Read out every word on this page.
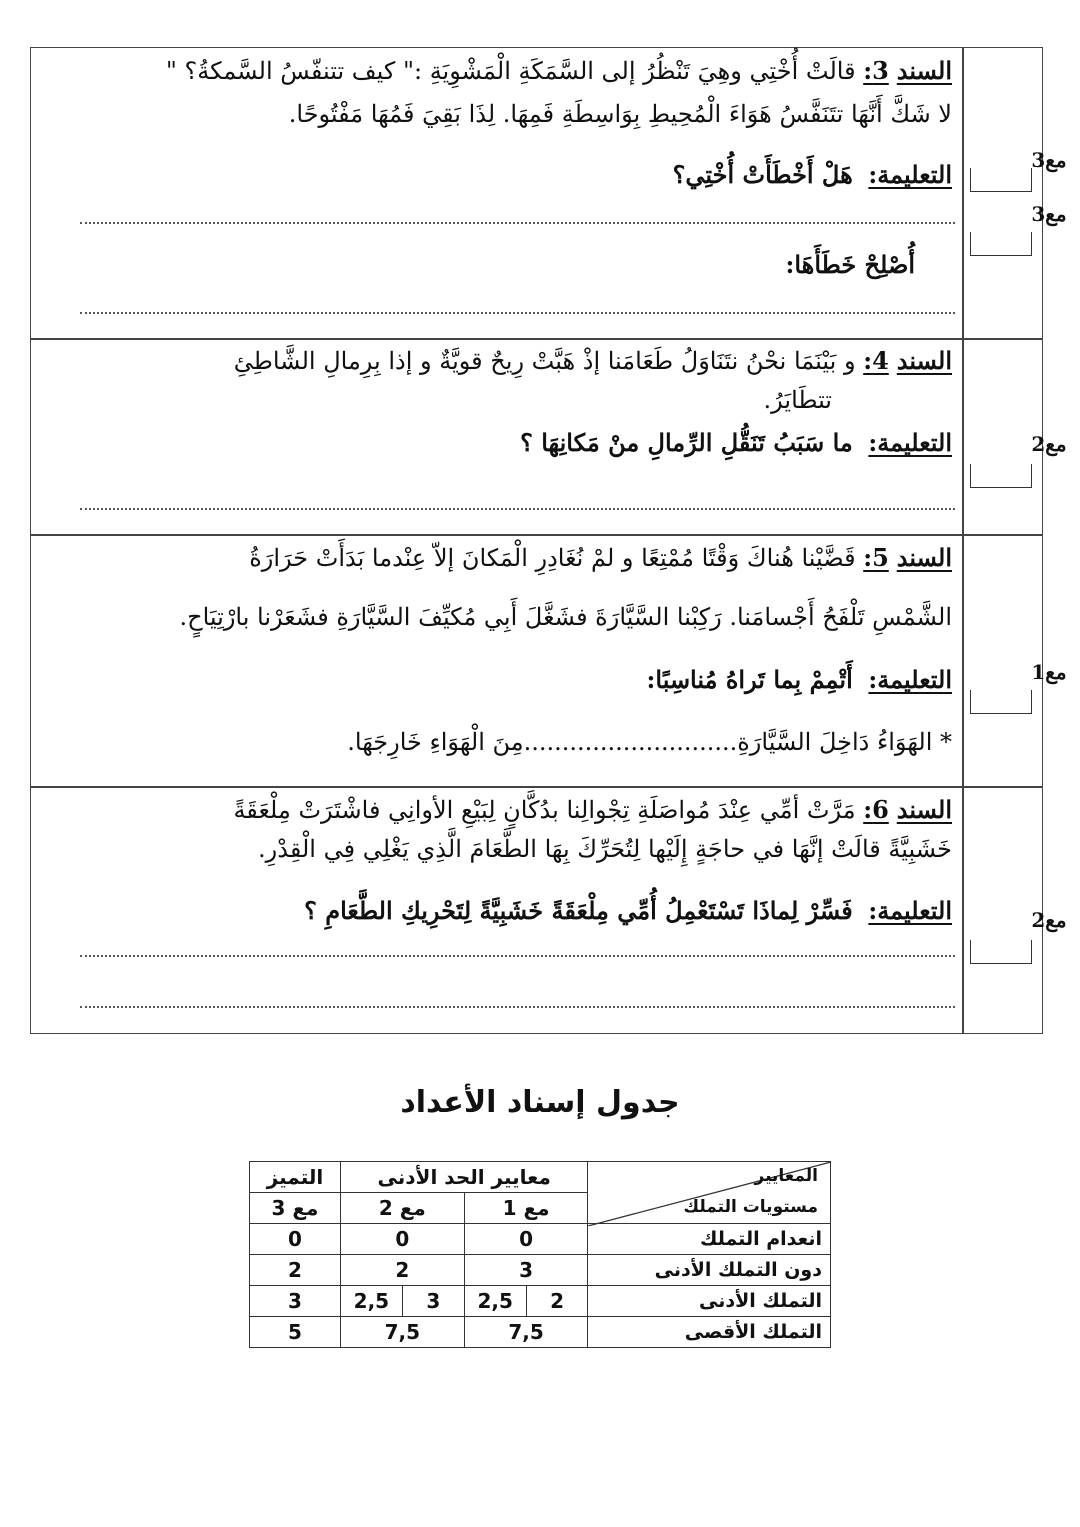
السند3: قالَتْ أُخْتِي وهِيَ تَنْظُرُ إلى السَّمَكَةِ الْمَشْوِيَةِ :" كيف تتنفّسُ السَّمكةُ؟ "
لا شَكَّ أَنَّهَا تتَنَفَّسُ هَوَاءَ الْمُحِيطِ بِوَاسِطَةِ فَمِهَا. لِذَا بَقِيَ فَمُهَا مَفْتُوحًا.
التعليمة: هَلْ أَخْطَأَتْ أُخْتِي؟
أُصْلِحْ خَطَأَهَا:
مع3
مع3
السند4: و بَيْنَمَا نحْنُ نتَنَاوَلُ طَعَامَنا إذْ هَبَّتْ رِيحٌ قويَّةٌ و إذا بِرِمالِ الشَّاطِئِ
تتطَايَرُ.
التعليمة: ما سَبَبُ تَنَقُّلِ الرِّمالِ منْ مَكانِهَا ؟	مع2
السند5: قَضَّيْنا هُناكَ وَقْتًا مُمْتِعًا و لمْ نُغَادِرِ الْمَكانَ إلاّ عِنْدما بَدَأَتْ حَرَارَةُ
الشَّمْسِ تَلْفَحُ أَجْسامَنا. رَكِبْنا السَّيَّارَةَ فشَغَّلَ أَبِي مُكيِّفَ السَّيَّارَةِ فشَعَرْنا بارْتِيَاحٍ.
التعليمة: أَتْمِمْ بِما تَراهُ مُناسِبًا:
* الهَوَاءُ دَاخِلَ السَّيَّارَةِ............................مِنَ الْهَوَاءِ خَارِجَهَا.
مع1
السند6: مَرَّتْ أمِّي عِنْدَ مُواصَلَةِ تِجْوالِنا بدُكَّانٍ لِبَيْعِ الأوانِي فاشْتَرَتْ مِلْعَقَةً
خَشَبِيَّةً قالَتْ إنَّهَا في حاجَةٍ إِلَيْها لِتُحَرِّكَ بِهَا الطَّعَامَ الَّذِي يَغْلِي فِي الْقِدْرِ.
التعليمة: فَسِّرْ لِماذَا تَسْتَعْمِلُ أُمِّي مِلْعَقَةً خَشَبِيَّةً لِتَحْرِيكِ الطَّعَامِ ؟	مع2
جدول إسناد الأعداد
المعايير
مستويات التملك	معايير الحد الأدنى				التميز
	مع 1		مع 2		مع 3
انعدام التملك	0		0		0
دون التملك الأدنى	3		2		2
التملك الأدنى	2	2,5	3	2,5	3
التملك الأقصى	7,5		7,5		5
